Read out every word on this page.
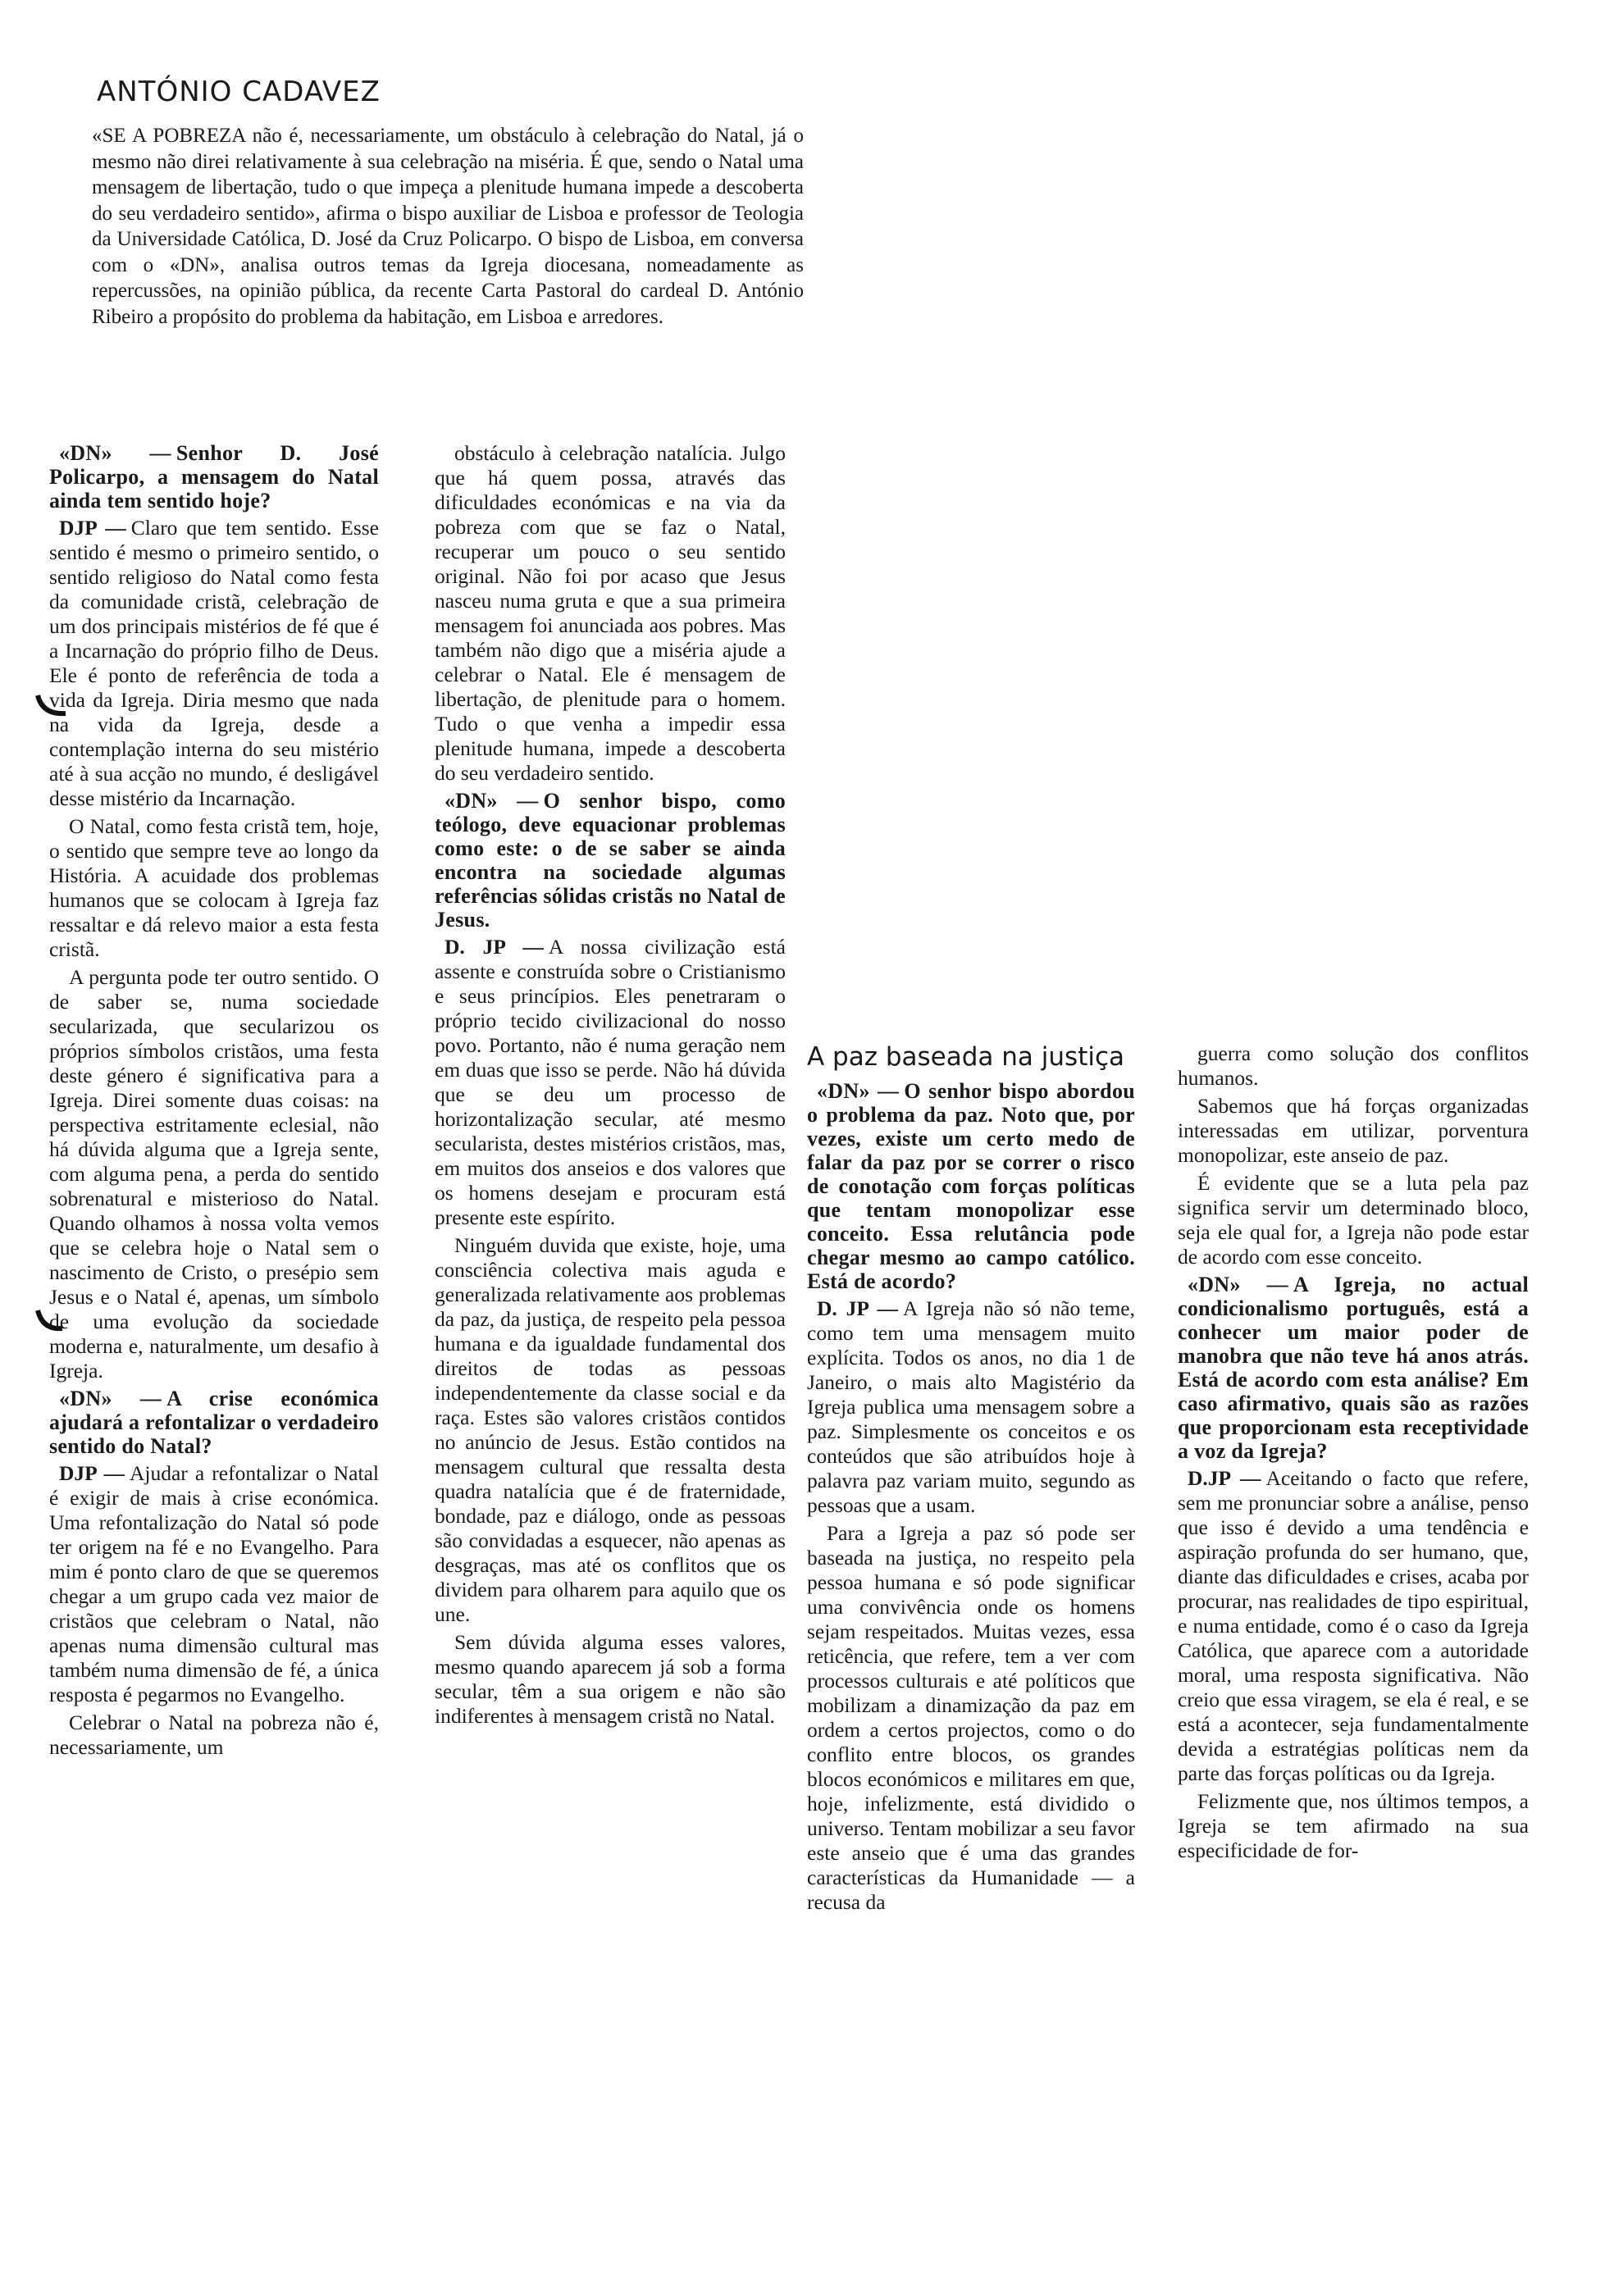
ANTÓNIO CADAVEZ

«SE A POBREZA não é, necessariamente, um obstáculo à celebração do Natal, já o mesmo não direi relativamente à sua celebração na miséria. É que, sendo o Natal uma mensagem de libertação, tudo o que impeça a plenitude humana impede a descoberta do seu verdadeiro sentido», afirma o bispo auxiliar de Lisboa e professor de Teologia da Universidade Católica, D. José da Cruz Policarpo. O bispo de Lisboa, em conversa com o «DN», analisa outros temas da Igreja diocesana, nomeadamente as repercussões, na opinião pública, da recente Carta Pastoral do cardeal D. António Ribeiro a propósito do problema da habitação, em Lisboa e arredores.

«DN» — Senhor D. José Policarpo, a mensagem do Natal ainda tem sentido hoje?

DJP — Claro que tem sentido. Esse sentido é mesmo o primeiro sentido, o sentido religioso do Natal como festa da comunidade cristã, celebração de um dos principais mistérios de fé que é a Incarnação do próprio filho de Deus. Ele é ponto de referência de toda a vida da Igreja. Diria mesmo que nada na vida da Igreja, desde a contemplação interna do seu mistério até à sua acção no mundo, é desligável desse mistério da Incarnação.

O Natal, como festa cristã tem, hoje, o sentido que sempre teve ao longo da História. A acuidade dos problemas humanos que se colocam à Igreja faz ressaltar e dá relevo maior a esta festa cristã.

A pergunta pode ter outro sentido. O de saber se, numa sociedade secularizada, que secularizou os próprios símbolos cristãos, uma festa deste género é significativa para a Igreja. Direi somente duas coisas: na perspectiva estritamente eclesial, não há dúvida alguma que a Igreja sente, com alguma pena, a perda do sentido sobrenatural e misterioso do Natal. Quando olhamos à nossa volta vemos que se celebra hoje o Natal sem o nascimento de Cristo, o presépio sem Jesus e o Natal é, apenas, um símbolo de uma evolução da sociedade moderna e, naturalmente, um desafio à Igreja.

«DN» — A crise económica ajudará a refontalizar o verdadeiro sentido do Natal?

DJP — Ajudar a refontalizar o Natal é exigir de mais à crise económica. Uma refontalização do Natal só pode ter origem na fé e no Evangelho. Para mim é ponto claro de que se queremos chegar a um grupo cada vez maior de cristãos que celebram o Natal, não apenas numa dimensão cultural mas também numa dimensão de fé, a única resposta é pegarmos no Evangelho.

Celebrar o Natal na pobreza não é, necessariamente, um

obstáculo à celebração natalícia. Julgo que há quem possa, através das dificuldades económicas e na via da pobreza com que se faz o Natal, recuperar um pouco o seu sentido original. Não foi por acaso que Jesus nasceu numa gruta e que a sua primeira mensagem foi anunciada aos pobres. Mas também não digo que a miséria ajude a celebrar o Natal. Ele é mensagem de libertação, de plenitude para o homem. Tudo o que venha a impedir essa plenitude humana, impede a descoberta do seu verdadeiro sentido.

«DN» — O senhor bispo, como teólogo, deve equacionar problemas como este: o de se saber se ainda encontra na sociedade algumas referências sólidas cristãs no Natal de Jesus.

D. JP — A nossa civilização está assente e construída sobre o Cristianismo e seus princípios. Eles penetraram o próprio tecido civilizacional do nosso povo. Portanto, não é numa geração nem em duas que isso se perde. Não há dúvida que se deu um processo de horizontalização secular, até mesmo secularista, destes mistérios cristãos, mas, em muitos dos anseios e dos valores que os homens desejam e procuram está presente este espírito.

Ninguém duvida que existe, hoje, uma consciência colectiva mais aguda e generalizada relativamente aos problemas da paz, da justiça, de respeito pela pessoa humana e da igualdade fundamental dos direitos de todas as pessoas independentemente da classe social e da raça. Estes são valores cristãos contidos no anúncio de Jesus. Estão contidos na mensagem cultural que ressalta desta quadra natalícia que é de fraternidade, bondade, paz e diálogo, onde as pessoas são convidadas a esquecer, não apenas as desgraças, mas até os conflitos que os dividem para olharem para aquilo que os une.

Sem dúvida alguma esses valores, mesmo quando aparecem já sob a forma secular, têm a sua origem e não são indiferentes à mensagem cristã no Natal.

A paz baseada na justiça

«DN» — O senhor bispo abordou o problema da paz. Noto que, por vezes, existe um certo medo de falar da paz por se correr o risco de conotação com forças políticas que tentam monopolizar esse conceito. Essa relutância pode chegar mesmo ao campo católico. Está de acordo?

D. JP — A Igreja não só não teme, como tem uma mensagem muito explícita. Todos os anos, no dia 1 de Janeiro, o mais alto Magistério da Igreja publica uma mensagem sobre a paz. Simplesmente os conceitos e os conteúdos que são atribuídos hoje à palavra paz variam muito, segundo as pessoas que a usam.

Para a Igreja a paz só pode ser baseada na justiça, no respeito pela pessoa humana e só pode significar uma convivência onde os homens sejam respeitados. Muitas vezes, essa reticência, que refere, tem a ver com processos culturais e até políticos que mobilizam a dinamização da paz em ordem a certos projectos, como o do conflito entre blocos, os grandes blocos económicos e militares em que, hoje, infelizmente, está dividido o universo. Tentam mobilizar a seu favor este anseio que é uma das grandes características da Humanidade — a recusa da

guerra como solução dos conflitos humanos.

Sabemos que há forças organizadas interessadas em utilizar, porventura monopolizar, este anseio de paz.

É evidente que se a luta pela paz significa servir um determinado bloco, seja ele qual for, a Igreja não pode estar de acordo com esse conceito.

«DN» — A Igreja, no actual condicionalismo português, está a conhecer um maior poder de manobra que não teve há anos atrás. Está de acordo com esta análise? Em caso afirmativo, quais são as razões que proporcionam esta receptividade a voz da Igreja?

D.JP — Aceitando o facto que refere, sem me pronunciar sobre a análise, penso que isso é devido a uma tendência e aspiração profunda do ser humano, que, diante das dificuldades e crises, acaba por procurar, nas realidades de tipo espiritual, e numa entidade, como é o caso da Igreja Católica, que aparece com a autoridade moral, uma resposta significativa. Não creio que essa viragem, se ela é real, e se está a acontecer, seja fundamentalmente devida a estratégias políticas nem da parte das forças políticas ou da Igreja.

Felizmente que, nos últimos tempos, a Igreja se tem afirmado na sua especificidade de for-
